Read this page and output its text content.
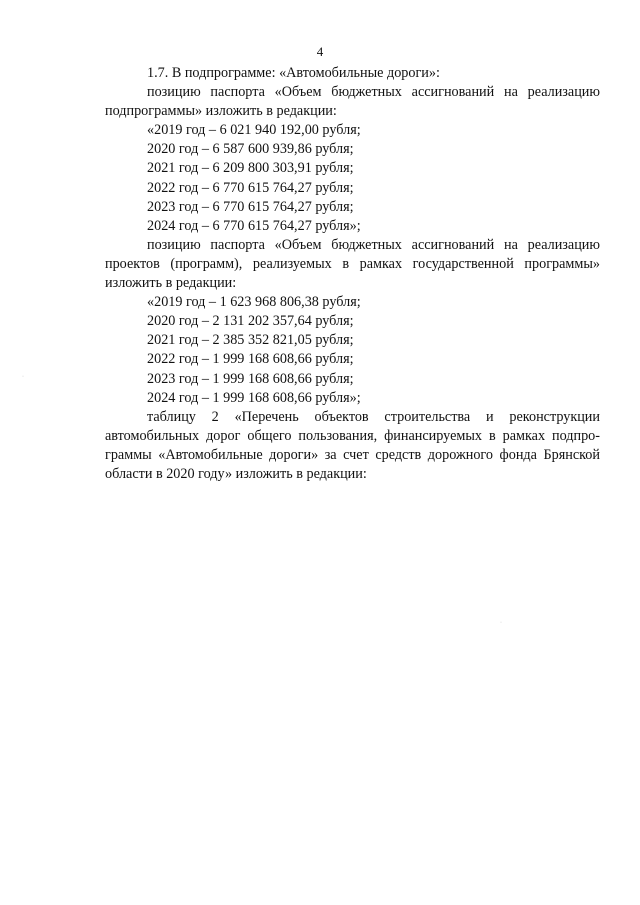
4
1.7. В подпрограмме: «Автомобильные дороги»:
позицию паспорта «Объем бюджетных ассигнований на реализацию
подпрограммы» изложить в редакции:
«2019 год – 6 021 940 192,00 рубля;
2020 год – 6 587 600 939,86 рубля;
2021 год – 6 209 800 303,91 рубля;
2022 год – 6 770 615 764,27 рубля;
2023 год – 6 770 615 764,27 рубля;
2024 год – 6 770 615 764,27 рубля»;
позицию паспорта «Объем бюджетных ассигнований на реализацию
проектов (программ), реализуемых в рамках государственной программы»
изложить в редакции:
«2019 год – 1 623 968 806,38 рубля;
2020 год – 2 131 202 357,64 рубля;
2021 год – 2 385 352 821,05 рубля;
2022 год – 1 999 168 608,66 рубля;
2023 год – 1 999 168 608,66 рубля;
2024 год – 1 999 168 608,66 рубля»;
таблицу 2 «Перечень объектов строительства и реконструкции
автомобильных дорог общего пользования, финансируемых в рамках подпро-
граммы «Автомобильные дороги» за счет средств дорожного фонда Брянской
области в 2020 году» изложить в редакции:
·
·
